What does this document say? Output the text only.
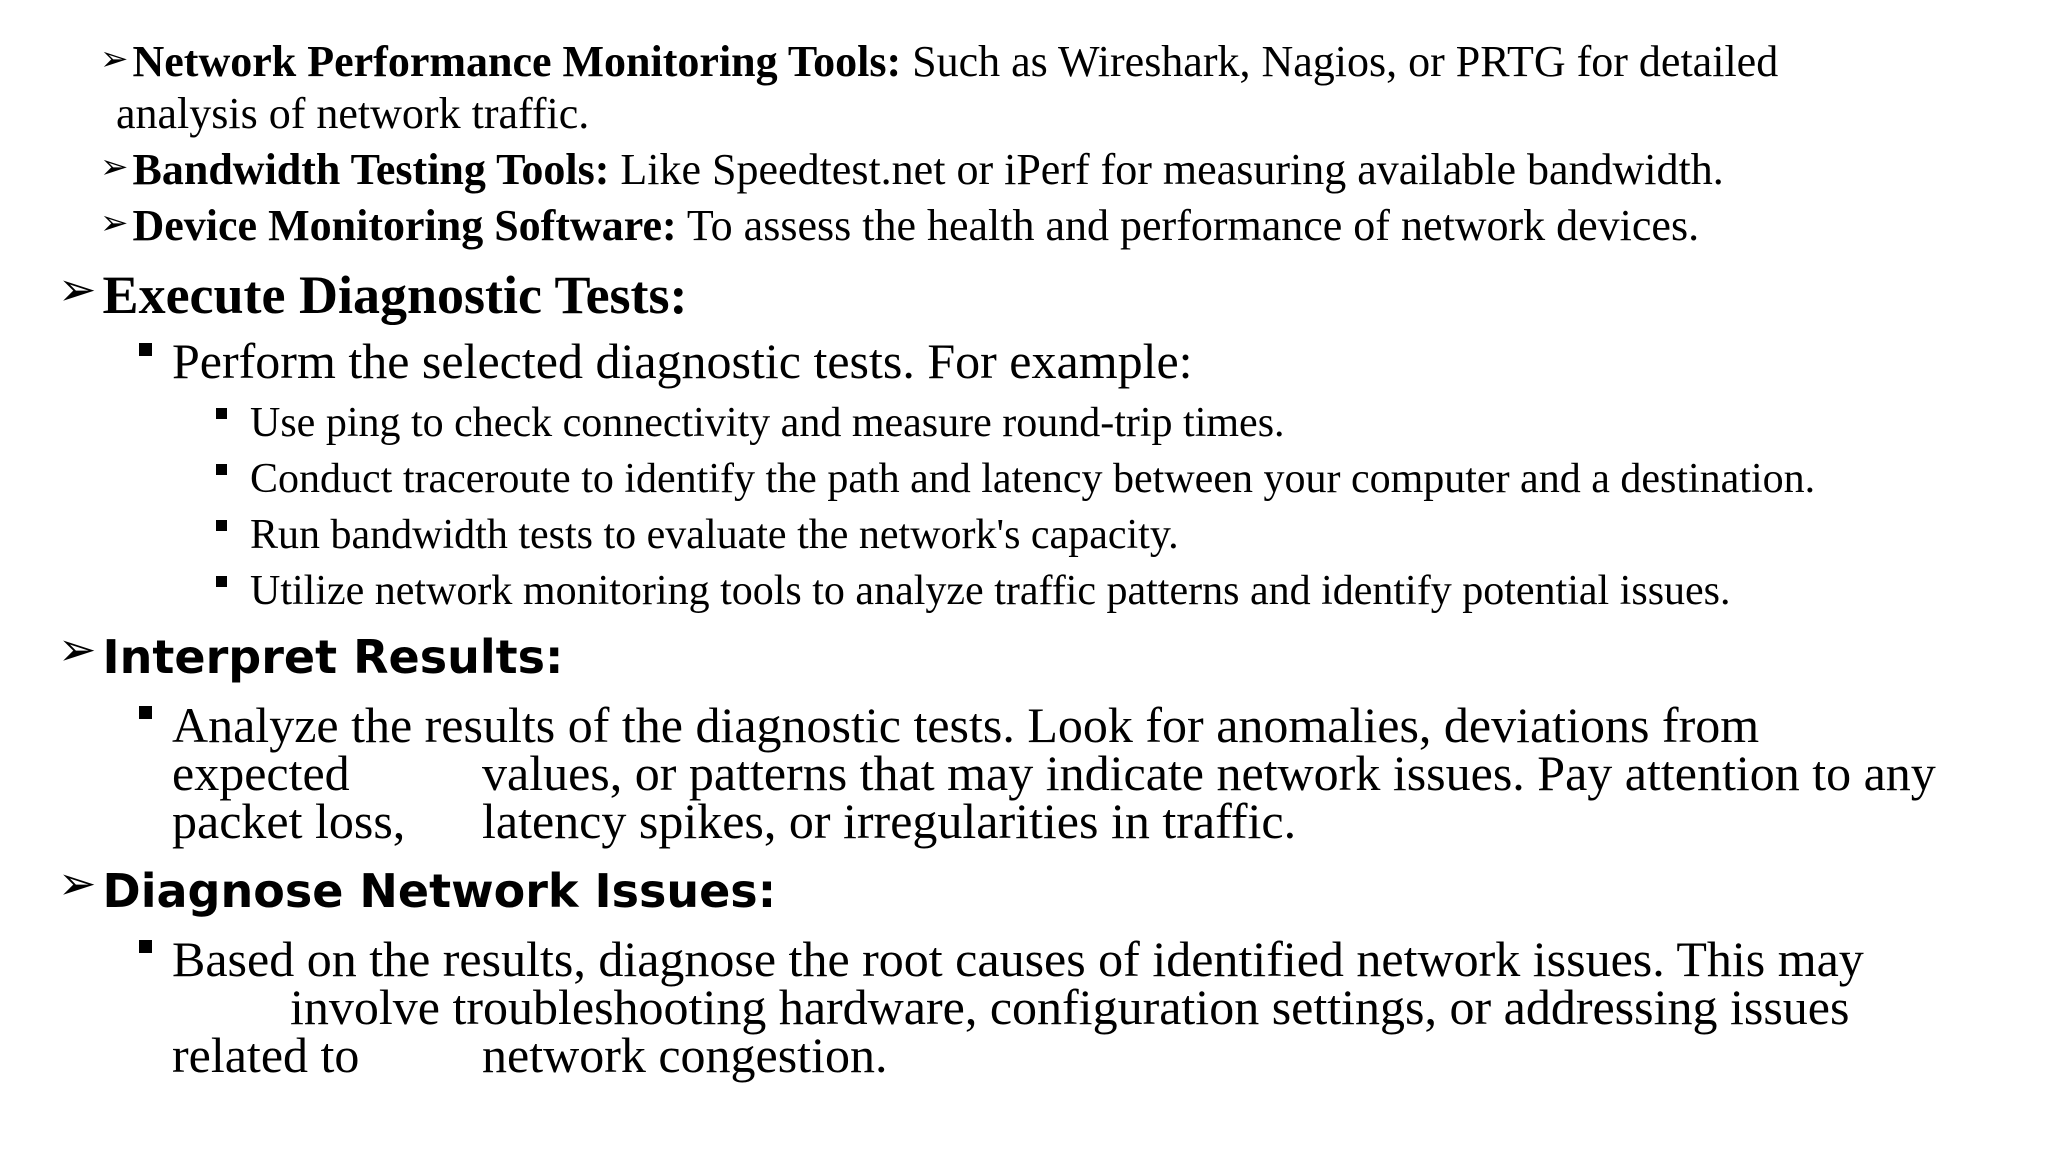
➢Network Performance Monitoring Tools: Such as Wireshark, Nagios, or PRTG for detailed
analysis of network traffic.
➢Bandwidth Testing Tools: Like Speedtest.net or iPerf for measuring available bandwidth.
➢Device Monitoring Software: To assess the health and performance of network devices.
➢ Execute Diagnostic Tests:
Perform the selected diagnostic tests. For example:
Use ping to check connectivity and measure round-trip times.
Conduct traceroute to identify the path and latency between your computer and a destination.
Run bandwidth tests to evaluate the network's capacity.
Utilize network monitoring tools to analyze traffic patterns and identify potential issues.
➢ Interpret Results:
Analyze the results of the diagnostic tests. Look for anomalies, deviations from
expected	values, or patterns that may indicate network issues. Pay attention to any
packet loss, latency spikes, or irregularities in traffic.
➢ Diagnose Network Issues:
Based on the results, diagnose the root causes of identified network issues. This may
involve troubleshooting hardware, configuration settings, or addressing issues
related to network congestion.
